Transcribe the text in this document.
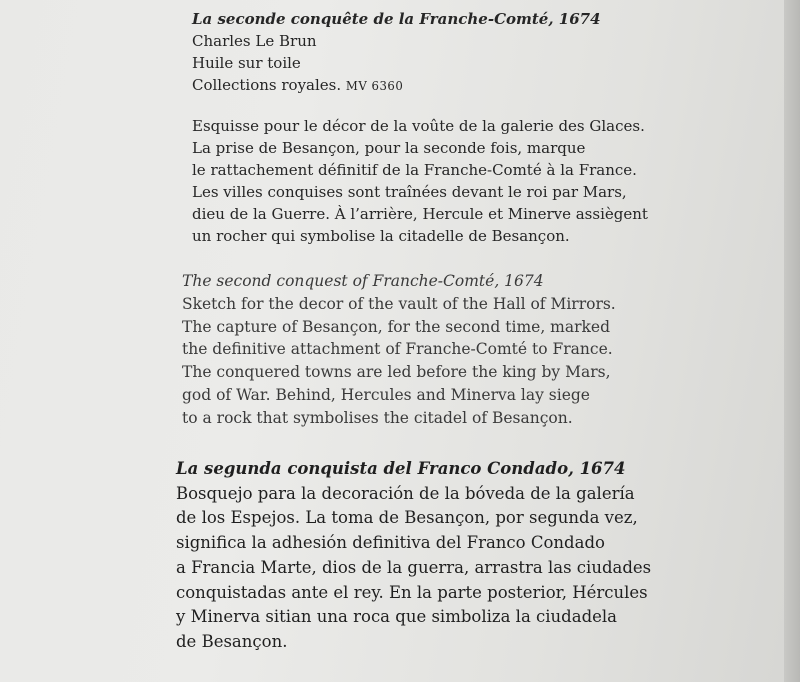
La seconde conquête de la Franche-Comté, 1674
Charles Le Brun
Huile sur toile
Collections royales. MV 6360
Esquisse pour le décor de la voûte de la galerie des Glaces.
La prise de Besançon, pour la seconde fois, marque
le rattachement définitif de la Franche-Comté à la France.
Les villes conquises sont traînées devant le roi par Mars,
dieu de la Guerre. À l’arrière, Hercule et Minerve assiègent
un rocher qui symbolise la citadelle de Besançon.
The second conquest of Franche-Comté, 1674
Sketch for the decor of the vault of the Hall of Mirrors.
The capture of Besançon, for the second time, marked
the definitive attachment of Franche-Comté to France.
The conquered towns are led before the king by Mars,
god of War. Behind, Hercules and Minerva lay siege
to a rock that symbolises the citadel of Besançon.
La segunda conquista del Franco Condado, 1674
Bosquejo para la decoración de la bóveda de la galería
de los Espejos. La toma de Besançon, por segunda vez,
significa la adhesión definitiva del Franco Condado
a Francia Marte, dios de la guerra, arrastra las ciudades
conquistadas ante el rey. En la parte posterior, Hércules
y Minerva sitian una roca que simboliza la ciudadela
de Besançon.
